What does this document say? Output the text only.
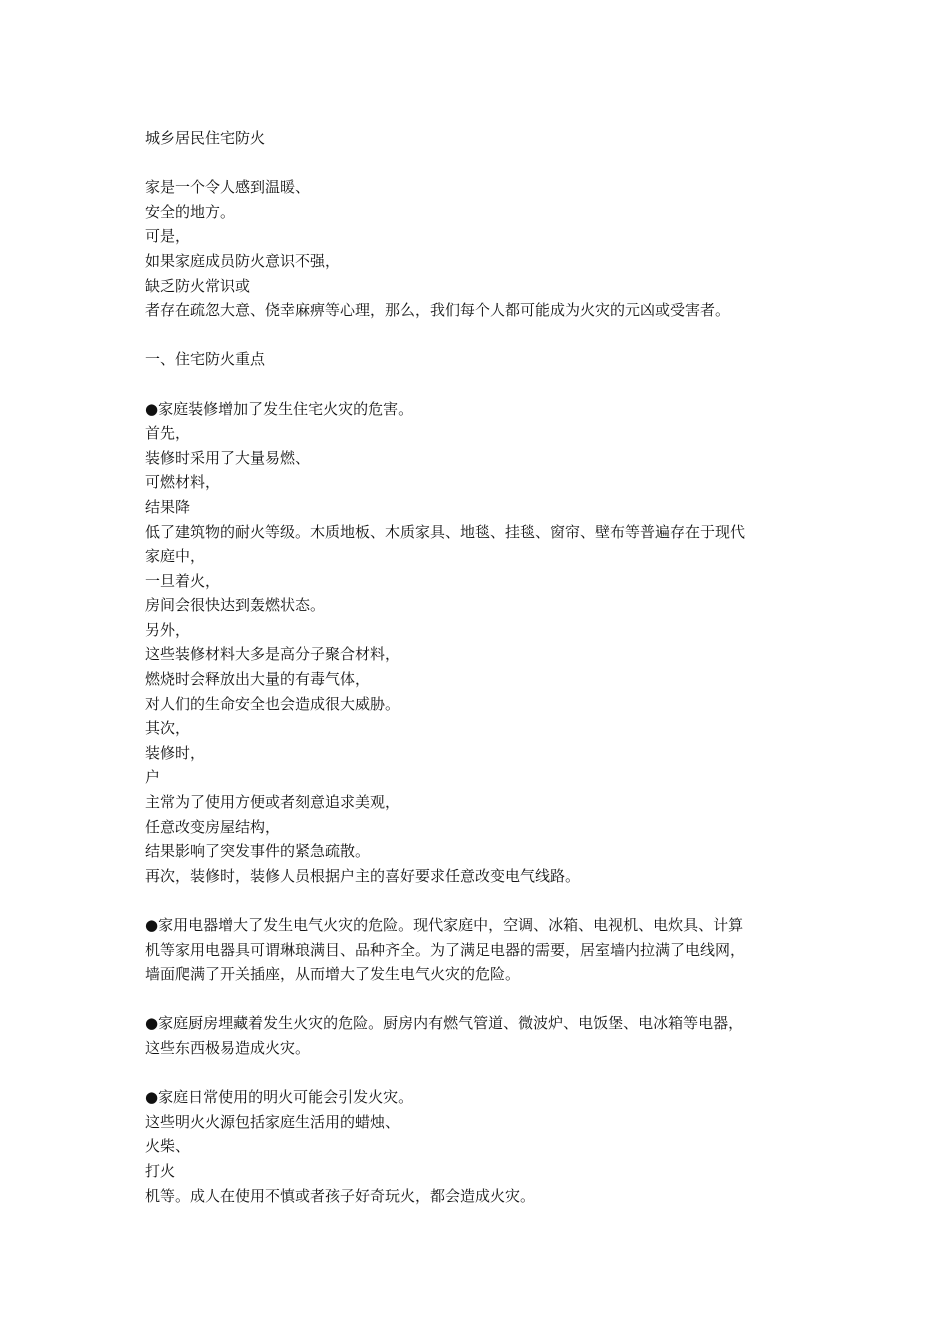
城乡居民住宅防火
家是一个令人感到温暖、
安全的地方。
可是，
如果家庭成员防火意识不强，
缺乏防火常识或
者存在疏忽大意、侥幸麻痹等心理，那么，我们每个人都可能成为火灾的元凶或受害者。
一、住宅防火重点
●家庭装修增加了发生住宅火灾的危害。
首先，
装修时采用了大量易燃、
可燃材料，
结果降
低了建筑物的耐火等级。木质地板、木质家具、地毯、挂毯、窗帘、壁布等普遍存在于现代
家庭中，
一旦着火，
房间会很快达到轰燃状态。
另外，
这些装修材料大多是高分子聚合材料，
燃烧时会释放出大量的有毒气体，
对人们的生命安全也会造成很大威胁。
其次，
装修时，
户
主常为了使用方便或者刻意追求美观，
任意改变房屋结构，
结果影响了突发事件的紧急疏散。
再次，装修时，装修人员根据户主的喜好要求任意改变电气线路。
●家用电器增大了发生电气火灾的危险。现代家庭中，空调、冰箱、电视机、电炊具、计算
机等家用电器具可谓琳琅满目、品种齐全。为了满足电器的需要，居室墙内拉满了电线网，
墙面爬满了开关插座，从而增大了发生电气火灾的危险。
●家庭厨房埋藏着发生火灾的危险。厨房内有燃气管道、微波炉、电饭堡、电冰箱等电器，
这些东西极易造成火灾。
●家庭日常使用的明火可能会引发火灾。
这些明火火源包括家庭生活用的蜡烛、
火柴、
打火
机等。成人在使用不慎或者孩子好奇玩火，都会造成火灾。
